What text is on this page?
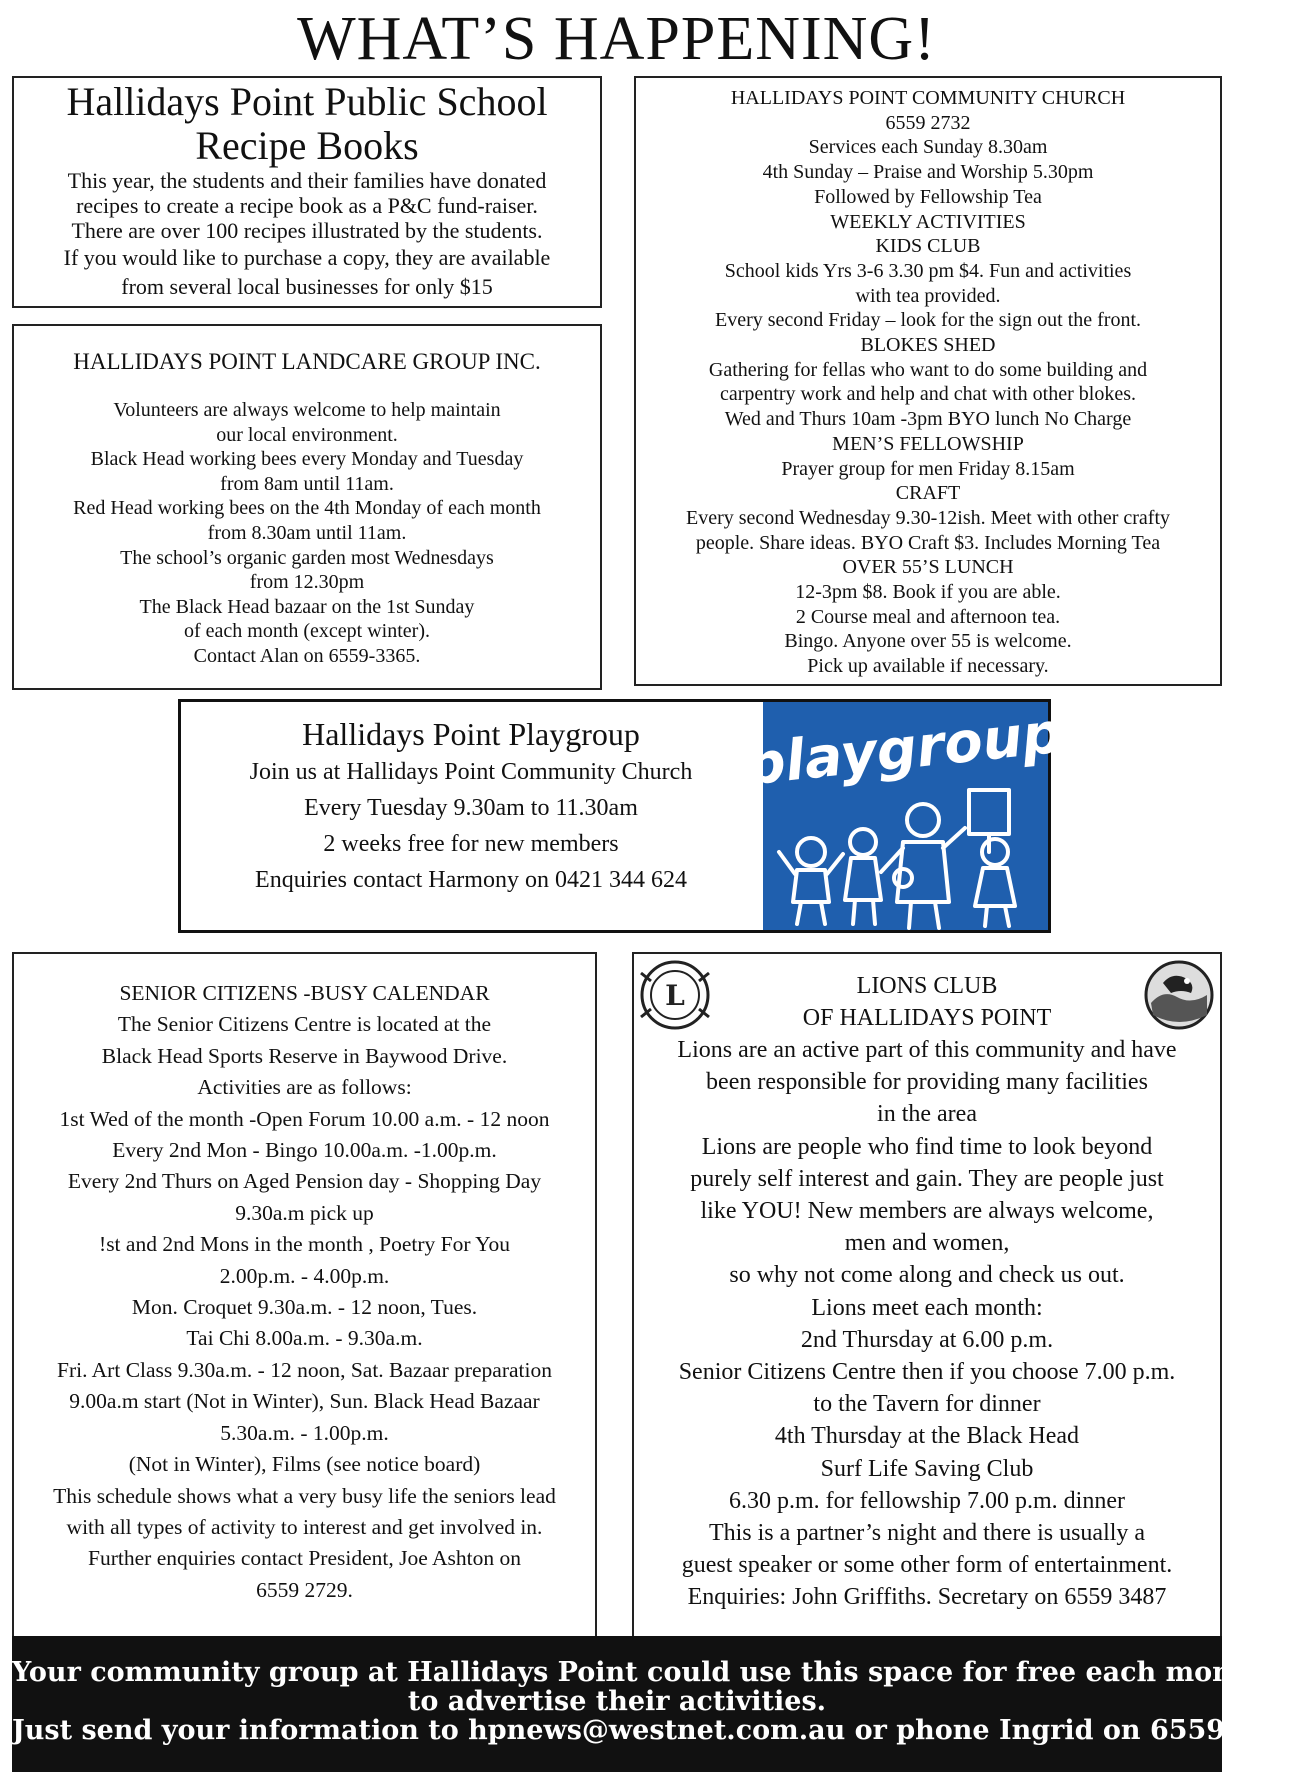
WHAT’S HAPPENING!
Hallidays Point Public School
Recipe Books
This year, the students and their families have donated
recipes to create a recipe book as a P&C fund-raiser.
There are over 100 recipes illustrated by the students.
If you would like to purchase a copy, they are available
from several local businesses for only $15
HALLIDAYS POINT LANDCARE GROUP INC.
Volunteers are always welcome to help maintain
our local environment.
Black Head working bees every Monday and Tuesday
from 8am until 11am.
Red Head working bees on the 4th Monday of each month
from 8.30am until 11am.
The school’s organic garden most Wednesdays
from 12.30pm
The Black Head bazaar on the 1st Sunday
of each month (except winter).
Contact Alan on 6559-3365.
HALLIDAYS POINT COMMUNITY CHURCH
6559 2732
Services each Sunday 8.30am
4th Sunday – Praise and Worship 5.30pm
Followed by Fellowship Tea
WEEKLY ACTIVITIES
KIDS CLUB
School kids Yrs 3-6 3.30 pm $4. Fun and activities
with tea provided.
Every second Friday – look for the sign out the front.
BLOKES SHED
Gathering for fellas who want to do some building and
carpentry work and help and chat with other blokes.
Wed and Thurs 10am -3pm BYO lunch No Charge
MEN’S FELLOWSHIP
Prayer group for men Friday 8.15am
CRAFT
Every second Wednesday 9.30-12ish. Meet with other crafty
people. Share ideas. BYO Craft $3. Includes Morning Tea
OVER 55’S LUNCH
12-3pm $8. Book if you are able.
2 Course meal and afternoon tea.
Bingo. Anyone over 55 is welcome.
Pick up available if necessary.
Hallidays Point Playgroup
Join us at Hallidays Point Community Church
Every Tuesday 9.30am to 11.30am
2 weeks free for new members
Enquiries contact Harmony on 0421 344 624
playgroup
SENIOR CITIZENS -BUSY CALENDAR
The Senior Citizens Centre is located at the
Black Head Sports Reserve in Baywood Drive.
Activities are as follows:
1st Wed of the month -Open Forum 10.00 a.m. - 12 noon
Every 2nd Mon - Bingo 10.00a.m. -1.00p.m.
Every 2nd Thurs on Aged Pension day - Shopping Day
9.30a.m pick up
!st and 2nd Mons in the month , Poetry For You
2.00p.m. - 4.00p.m.
Mon. Croquet 9.30a.m. - 12 noon, Tues.
Tai Chi 8.00a.m. - 9.30a.m.
Fri. Art Class 9.30a.m. - 12 noon, Sat. Bazaar preparation
9.00a.m start (Not in Winter), Sun. Black Head Bazaar
5.30a.m. - 1.00p.m.
(Not in Winter), Films (see notice board)
This schedule shows what a very busy life the seniors lead
with all types of activity to interest and get involved in.
Further enquiries contact President, Joe Ashton on
6559 2729.
L	LIONS CLUB
OF HALLIDAYS POINT
Lions are an active part of this community and have
been responsible for providing many facilities
in the area
Lions are people who find time to look beyond
purely self interest and gain. They are people just
like YOU! New members are always welcome,
men and women,
so why not come along and check us out.
Lions meet each month:
2nd Thursday at 6.00 p.m.
Senior Citizens Centre then if you choose 7.00 p.m.
to the Tavern for dinner
4th Thursday at the Black Head
Surf Life Saving Club
6.30 p.m. for fellowship 7.00 p.m. dinner
This is a partner’s night and there is usually a
guest speaker or some other form of entertainment.
Enquiries: John Griffiths. Secretary on 6559 3487
Your community group at Hallidays Point could use this space for free each month
to advertise their activities.
Just send your information to hpnews@westnet.com.au or phone Ingrid on 65592295
